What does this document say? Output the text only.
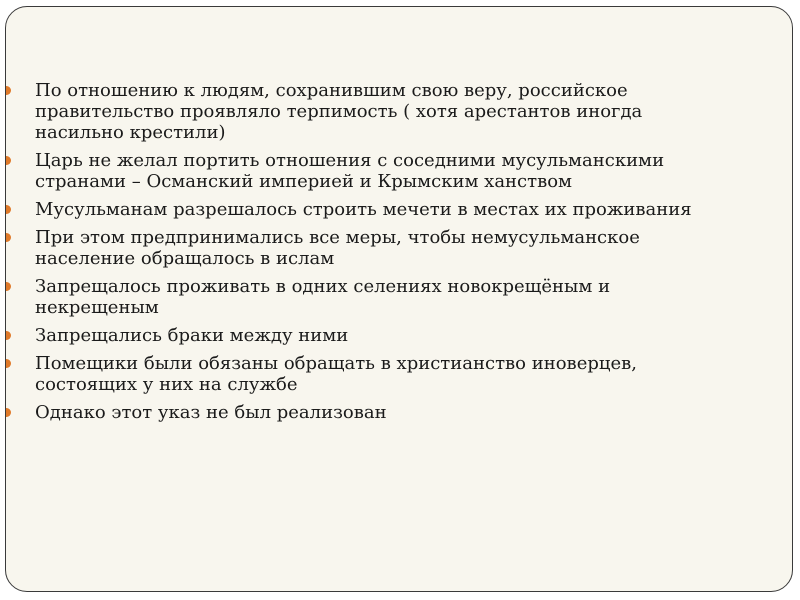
По отношению к людям, сохранившим свою веру, российское
правительство проявляло терпимость ( хотя арестантов иногда
насильно крестили)
Царь не желал портить отношения с соседними мусульманскими
странами – Османский империей и Крымским ханством
Мусульманам разрешалось строить мечети в местах их проживания
При этом предпринимались все меры, чтобы немусульманское
население обращалось в ислам
Запрещалось проживать в одних селениях новокрещёным и
некрещеным
Запрещались браки между ними
Помещики были обязаны обращать в христианство иноверцев,
состоящих у них на службе
Однако этот указ не был реализован
